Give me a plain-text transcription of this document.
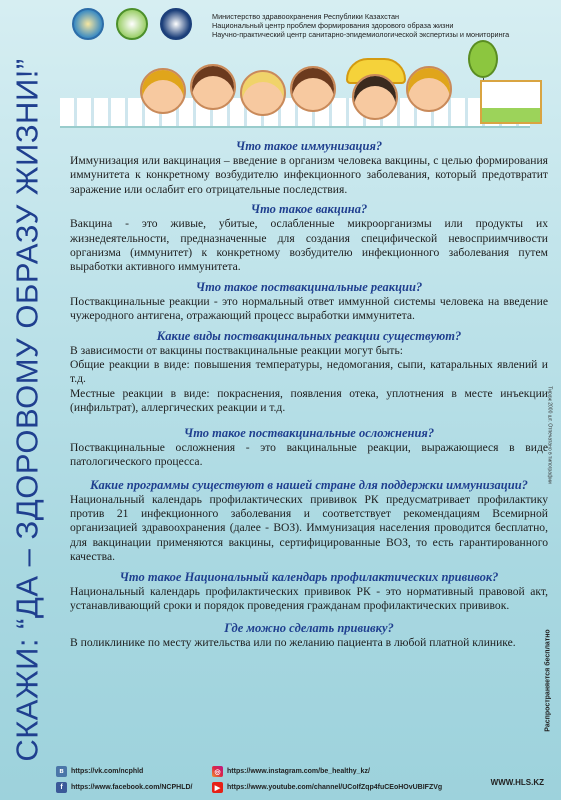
СКАЖИ: “ДА – ЗДОРОВОМУ ОБРАЗУ ЖИЗНИ!”
Министерство здравоохранения Республики Казахстан
Национальный центр проблем формирования здорового образа жизни
Научно-практический центр санитарно-эпидемиологической экспертизы и мониторинга
Что такое иммунизация?

Иммунизация или вакцинация – введение в организм человека вакцины, с целью формирования иммунитета к конкретному возбудителю инфекционного заболевания, который предотвратит заражение или ослабит его отрицательные последствия.

Что такое вакцина?

Вакцина - это живые, убитые, ослабленные микроорганизмы или продукты их жизнедеятельности, предназначенные для создания специфической невосприимчивости организма (иммунитет) к конкретному возбудителю инфекционного заболевания путем выработки активного иммунитета.

Что такое поствакцинальные реакции?

Поствакцинальные реакции - это нормальный ответ иммунной системы человека на введение чужеродного антигена, отражающий процесс выработки иммунитета.

Какие виды поствакцинальных реакции существуют?

В зависимости от вакцины поствакцинальные реакции могут быть:

Общие реакции в виде: повышения температуры, недомогания, сыпи, катаральных явлений и т.д.

Местные реакции в виде: покраснения, появления отека, уплотнения в месте инъекции (инфильтрат), аллергических реакции и т.д.

Что такое поствакцинальные осложнения?

Поствакцинальные осложнения - это вакцинальные реакции, выражающиеся в виде патологического процесса.

Какие программы существуют в нашей стране для поддержки иммунизации?

Национальный календарь профилактических прививок РК предусматривает профилактику против 21 инфекционного заболевания и соответствует рекомендациям Всемирной организацией здравоохранения (далее - ВОЗ). Иммунизация населения проводится бесплатно, для вакцинации применяются вакцины, сертифицированные ВОЗ, то есть гарантированного качества.

Что такое Национальный календарь профилактических прививок?

Национальный календарь профилактических прививок РК - это нормативный правовой акт, устанавливающий сроки и порядок проведения гражданам профилактических прививок.

Где можно сделать прививку?

В поликлинике по месту жительства или по желанию пациента в любой платной клинике.

Тираж 2000 шт. Отпечатано в типографии
Распространяется бесплатно
в	https://vk.com/ncphld
f	https://www.facebook.com/NCPHLD/
◎ https://www.instagram.com/be_healthy_kz/
▶ https://www.youtube.com/channel/UCoIfZqp4fuCEoHOvUBIFZVg
WWW.HLS.KZ
